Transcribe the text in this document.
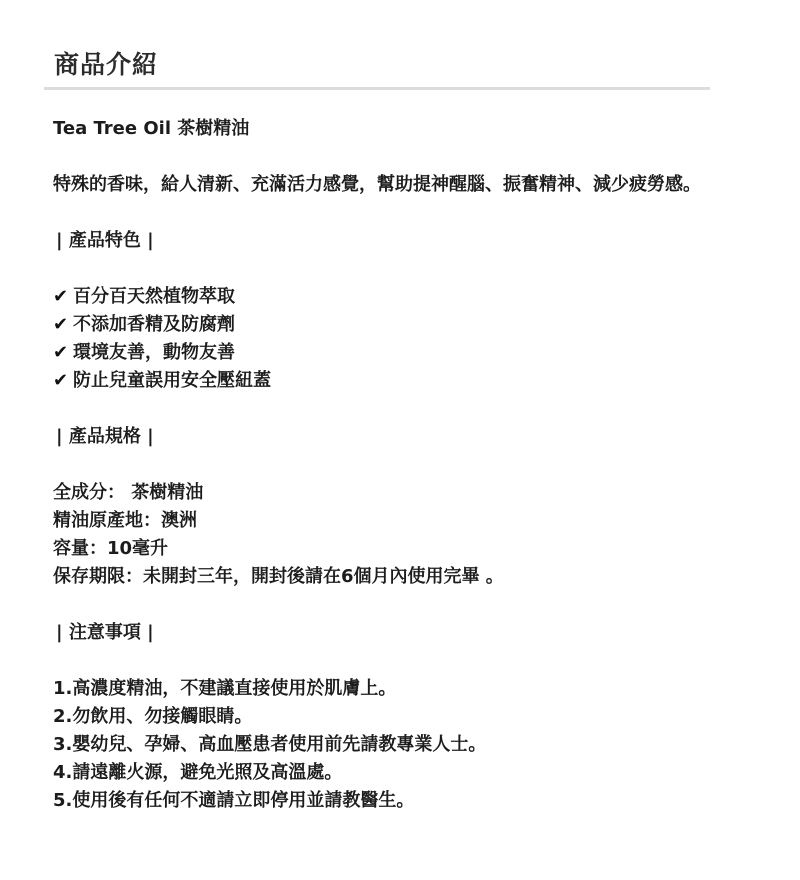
商品介紹
Tea Tree Oil 茶樹精油
特殊的香味，給人清新、充滿活力感覺，幫助提神醒腦、振奮精神、減少疲勞感。
| 產品特色 |
✔ 百分百天然植物萃取
✔ 不添加香精及防腐劑
✔ 環境友善，動物友善
✔ 防止兒童誤用安全壓紐蓋
| 產品規格 |
全成分： 茶樹精油
精油原產地：澳洲
容量：10毫升
保存期限：未開封三年，開封後請在6個月內使用完畢 。
| 注意事項 |
1.高濃度精油，不建議直接使用於肌膚上。
2.勿飲用、勿接觸眼睛。
3.嬰幼兒、孕婦、高血壓患者使用前先請教專業人士。
4.請遠離火源，避免光照及高溫處。
5.使用後有任何不適請立即停用並請教醫生。
